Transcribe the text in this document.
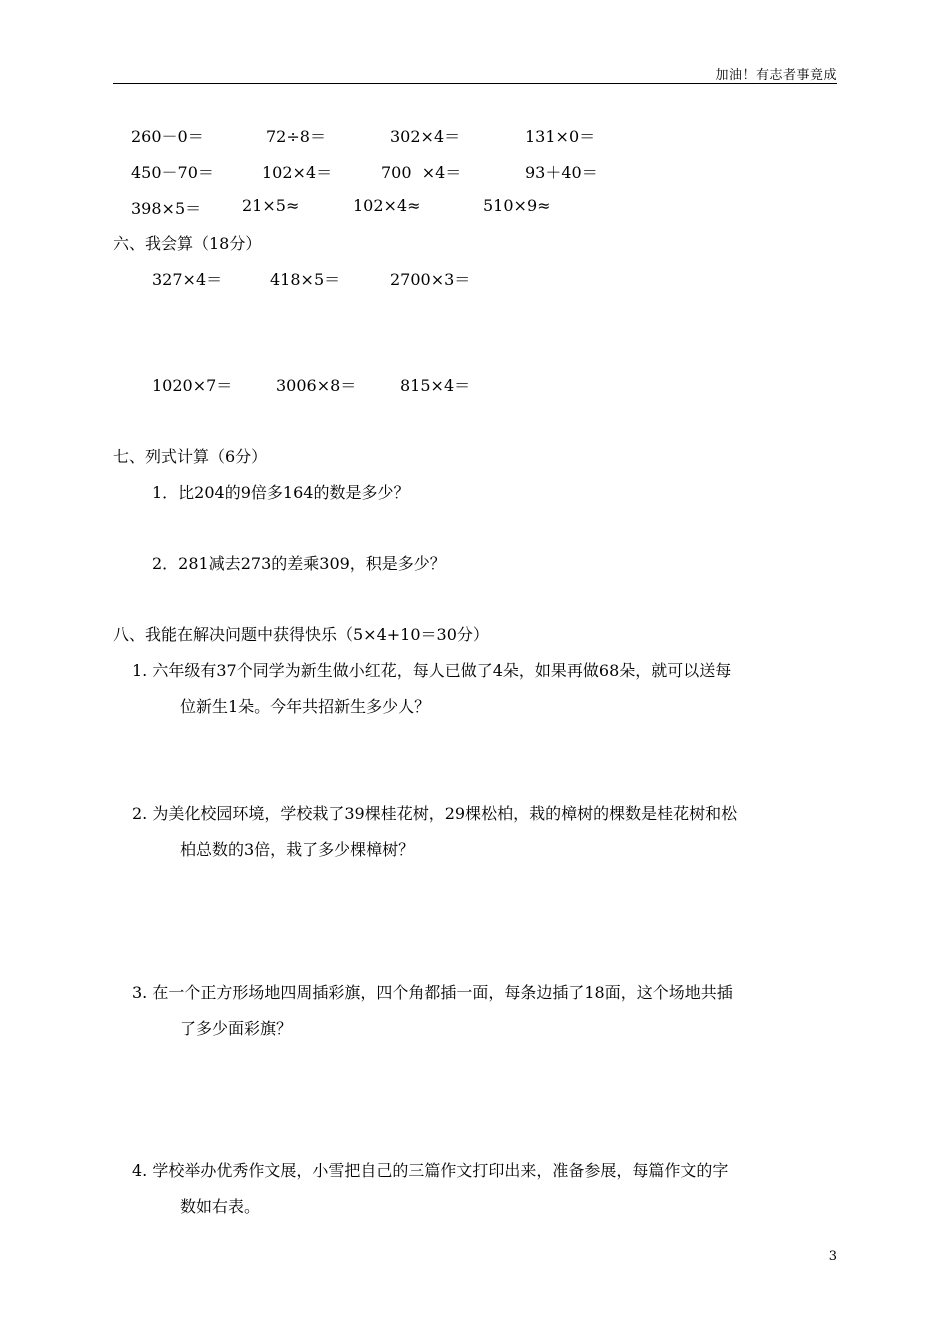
加油！有志者事竟成
260－0＝	72÷8＝	302×4＝	131×0＝
450－70＝	102×4＝	700  ×4＝	93＋40＝
398×5＝	21×5≈	102×4≈	510×9≈
六、我会算（18分）
327×4＝	418×5＝	2700×3＝
1020×7＝	3006×8＝	815×4＝
七、列式计算（6分）
1．比204的9倍多164的数是多少？
2．281减去273的差乘309，积是多少？
八、我能在解决问题中获得快乐（5×4+10＝30分）
1. 六年级有37个同学为新生做小红花，每人已做了4朵，如果再做68朵，就可以送每
位新生1朵。今年共招新生多少人？
2. 为美化校园环境，学校栽了39棵桂花树，29棵松柏，栽的樟树的棵数是桂花树和松
柏总数的3倍，栽了多少棵樟树？
3. 在一个正方形场地四周插彩旗，四个角都插一面，每条边插了18面，这个场地共插
了多少面彩旗？
4. 学校举办优秀作文展，小雪把自己的三篇作文打印出来，准备参展，每篇作文的字
数如右表。
3
